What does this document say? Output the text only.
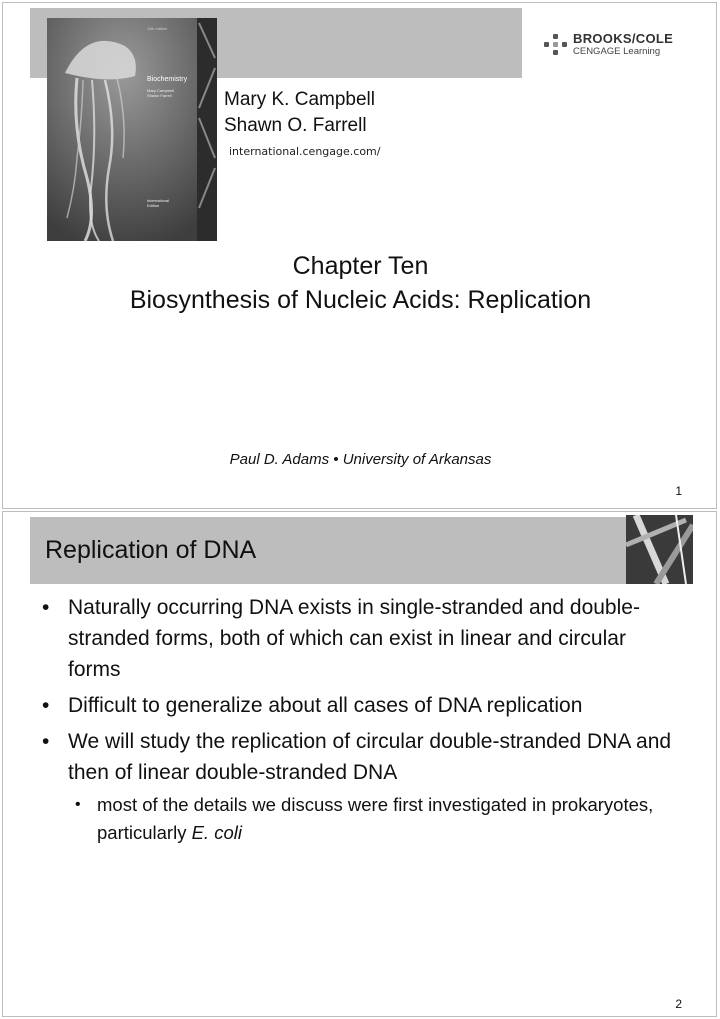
11th edition
Biochemistry
Mary Campbell
Shawn Farrell
International
Edition
Mary K. Campbell
Shawn O. Farrell
international.cengage.com/
BROOKS/COLE
CENGAGE Learning
Chapter Ten
Biosynthesis of Nucleic Acids: Replication
Paul D. Adams • University of Arkansas
1
Replication of DNA
• Naturally occurring DNA exists in single-stranded and double-stranded forms, both of which can exist in linear and circular forms
• Difficult to generalize about all cases of DNA replication
• We will study the replication of circular double-stranded DNA and then of linear double-stranded DNA
• most of the details we discuss were first investigated in prokaryotes, particularly E. coli
2
